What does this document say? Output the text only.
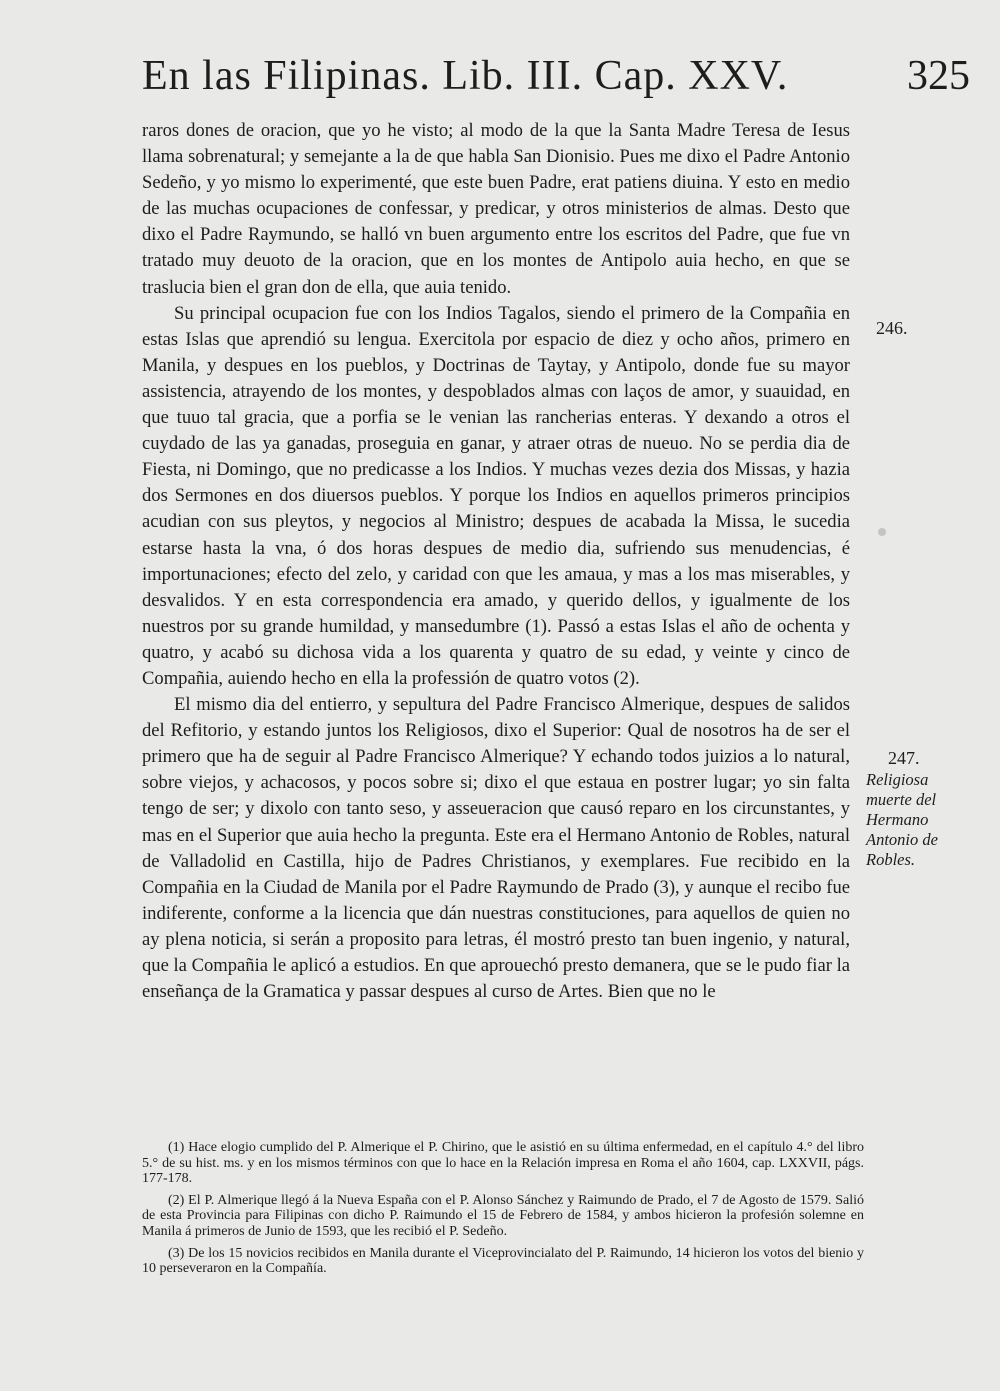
En las Filipinas. Lib. III. Cap. XXV.	325

raros dones de oracion, que yo he visto; al modo de la que la Santa Madre Teresa de Iesus llama sobrenatural; y semejante a la de que habla San Dionisio. Pues me dixo el Padre Antonio Sedeño, y yo mismo lo experimenté, que este buen Padre, erat patiens diuina. Y esto en medio de las muchas ocupaciones de confessar, y predicar, y otros ministerios de almas. Desto que dixo el Padre Raymundo, se halló vn buen argumento entre los escritos del Padre, que fue vn tratado muy deuoto de la oracion, que en los montes de Antipolo auia hecho, en que se traslucia bien el gran don de ella, que auia tenido.

Su principal ocupacion fue con los Indios Tagalos, siendo el primero de la Compañia en estas Islas que aprendió su lengua. Exercitola por espacio de diez y ocho años, primero en Manila, y despues en los pueblos, y Doctrinas de Taytay, y Antipolo, donde fue su mayor assistencia, atrayendo de los montes, y despoblados almas con laços de amor, y suauidad, en que tuuo tal gracia, que a porfia se le venian las rancherias enteras. Y dexando a otros el cuydado de las ya ganadas, proseguia en ganar, y atraer otras de nueuo. No se perdia dia de Fiesta, ni Domingo, que no predicasse a los Indios. Y muchas vezes dezia dos Missas, y hazia dos Sermones en dos diuersos pueblos. Y porque los Indios en aquellos primeros principios acudian con sus pleytos, y negocios al Ministro; despues de acabada la Missa, le sucedia estarse hasta la vna, ó dos horas despues de medio dia, sufriendo sus menudencias, é importunaciones; efecto del zelo, y caridad con que les amaua, y mas a los mas miserables, y desvalidos. Y en esta correspondencia era amado, y querido dellos, y igualmente de los nuestros por su grande humildad, y mansedumbre (1). Passó a estas Islas el año de ochenta y quatro, y acabó su dichosa vida a los quarenta y quatro de su edad, y veinte y cinco de Compañia, auiendo hecho en ella la professión de quatro votos (2).

El mismo dia del entierro, y sepultura del Padre Francisco Almerique, despues de salidos del Refitorio, y estando juntos los Religiosos, dixo el Superior: Qual de nosotros ha de ser el primero que ha de seguir al Padre Francisco Almerique? Y echando todos juizios a lo natural, sobre viejos, y achacosos, y pocos sobre si; dixo el que estaua en postrer lugar; yo sin falta tengo de ser; y dixolo con tanto seso, y asseueracion que causó reparo en los circunstantes, y mas en el Superior que auia hecho la pregunta. Este era el Hermano Antonio de Robles, natural de Valladolid en Castilla, hijo de Padres Christianos, y exemplares. Fue recibido en la Compañia en la Ciudad de Manila por el Padre Raymundo de Prado (3), y aunque el recibo fue indiferente, conforme a la licencia que dán nuestras constituciones, para aquellos de quien no ay plena noticia, si serán a proposito para letras, él mostró presto tan buen ingenio, y natural, que la Compañia le aplicó a estudios. En que aprouechó presto demanera, que se le pudo fiar la enseñança de la Gramatica y passar despues al curso de Artes. Bien que no le

246.
247.
Religiosa muerte del Hermano Antonio de Robles.

(1) Hace elogio cumplido del P. Almerique el P. Chirino, que le asistió en su última enfermedad, en el capítulo 4.° del libro 5.° de su hist. ms. y en los mismos términos con que lo hace en la Relación impresa en Roma el año 1604, cap. LXXVII, págs. 177-178.

(2) El P. Almerique llegó á la Nueva España con el P. Alonso Sánchez y Raimundo de Prado, el 7 de Agosto de 1579. Salió de esta Provincia para Filipinas con dicho P. Raimundo el 15 de Febrero de 1584, y ambos hicieron la profesión solemne en Manila á primeros de Junio de 1593, que les recibió el P. Sedeño.

(3) De los 15 novicios recibidos en Manila durante el Viceprovincialato del P. Raimundo, 14 hicieron los votos del bienio y 10 perseveraron en la Compañía.
